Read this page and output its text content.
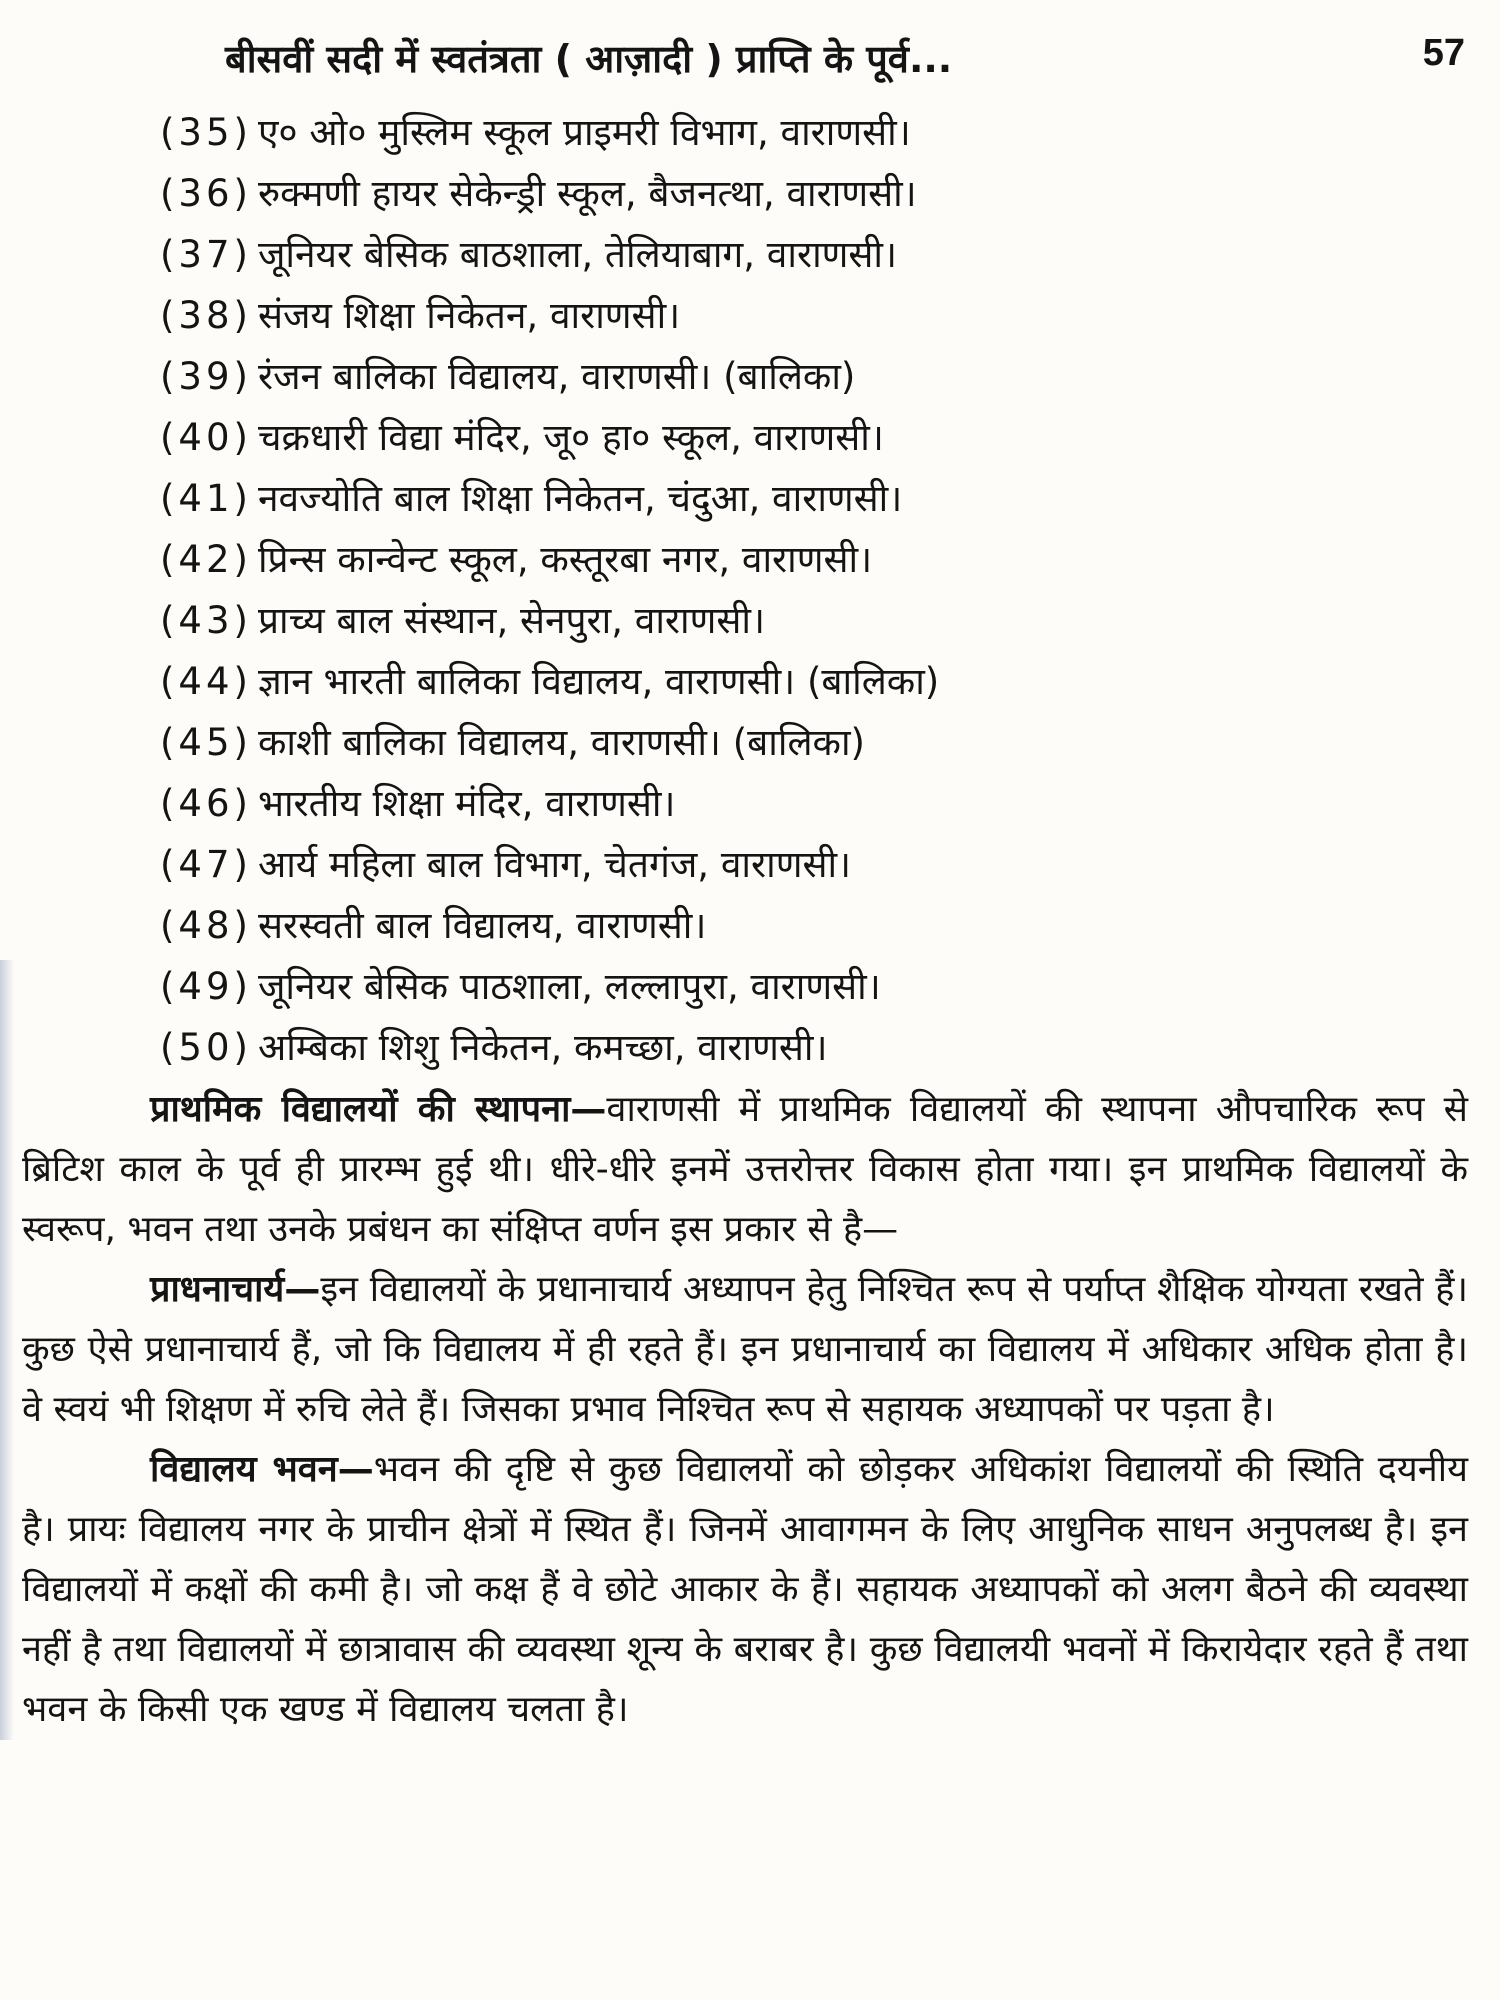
बीसवीं सदी में स्वतंत्रता ( आज़ादी ) प्राप्ति के पूर्व...	57
(35) ए० ओ० मुस्लिम स्कूल प्राइमरी विभाग, वाराणसी।
(36) रुक्मणी हायर सेकेन्ड्री स्कूल, बैजनत्था, वाराणसी।
(37) जूनियर बेसिक बाठशाला, तेलियाबाग, वाराणसी।
(38) संजय शिक्षा निकेतन, वाराणसी।
(39) रंजन बालिका विद्यालय, वाराणसी। (बालिका)
(40) चक्रधारी विद्या मंदिर, जू० हा० स्कूल, वाराणसी।
(41) नवज्योति बाल शिक्षा निकेतन, चंदुआ, वाराणसी।
(42) प्रिन्स कान्वेन्ट स्कूल, कस्तूरबा नगर, वाराणसी।
(43) प्राच्य बाल संस्थान, सेनपुरा, वाराणसी।
(44) ज्ञान भारती बालिका विद्यालय, वाराणसी। (बालिका)
(45) काशी बालिका विद्यालय, वाराणसी। (बालिका)
(46) भारतीय शिक्षा मंदिर, वाराणसी।
(47) आर्य महिला बाल विभाग, चेतगंज, वाराणसी।
(48) सरस्वती बाल विद्यालय, वाराणसी।
(49) जूनियर बेसिक पाठशाला, लल्लापुरा, वाराणसी।
(50) अम्बिका शिशु निकेतन, कमच्छा, वाराणसी।

प्राथमिक विद्यालयों की स्थापना—वाराणसी में प्राथमिक विद्यालयों की स्थापना औपचारिक रूप से ब्रिटिश काल के पूर्व ही प्रारम्भ हुई थी। धीरे-धीरे इनमें उत्तरोत्तर विकास होता गया। इन प्राथमिक विद्यालयों के स्वरूप, भवन तथा उनके प्रबंधन का संक्षिप्त वर्णन इस प्रकार से है—

प्राधनाचार्य—इन विद्यालयों के प्रधानाचार्य अध्यापन हेतु निश्चित रूप से पर्याप्त शैक्षिक योग्यता रखते हैं। कुछ ऐसे प्रधानाचार्य हैं, जो कि विद्यालय में ही रहते हैं। इन प्रधानाचार्य का विद्यालय में अधिकार अधिक होता है। वे स्वयं भी शिक्षण में रुचि लेते हैं। जिसका प्रभाव निश्चित रूप से सहायक अध्यापकों पर पड़ता है।

विद्यालय भवन—भवन की दृष्टि से कुछ विद्यालयों को छोड़कर अधिकांश विद्यालयों की स्थिति दयनीय है। प्रायः विद्यालय नगर के प्राचीन क्षेत्रों में स्थित हैं। जिनमें आवागमन के लिए आधुनिक साधन अनुपलब्ध है। इन विद्यालयों में कक्षों की कमी है। जो कक्ष हैं वे छोटे आकार के हैं। सहायक अध्यापकों को अलग बैठने की व्यवस्था नहीं है तथा विद्यालयों में छात्रावास की व्यवस्था शून्य के बराबर है। कुछ विद्यालयी भवनों में किरायेदार रहते हैं तथा भवन के किसी एक खण्ड में विद्यालय चलता है।
